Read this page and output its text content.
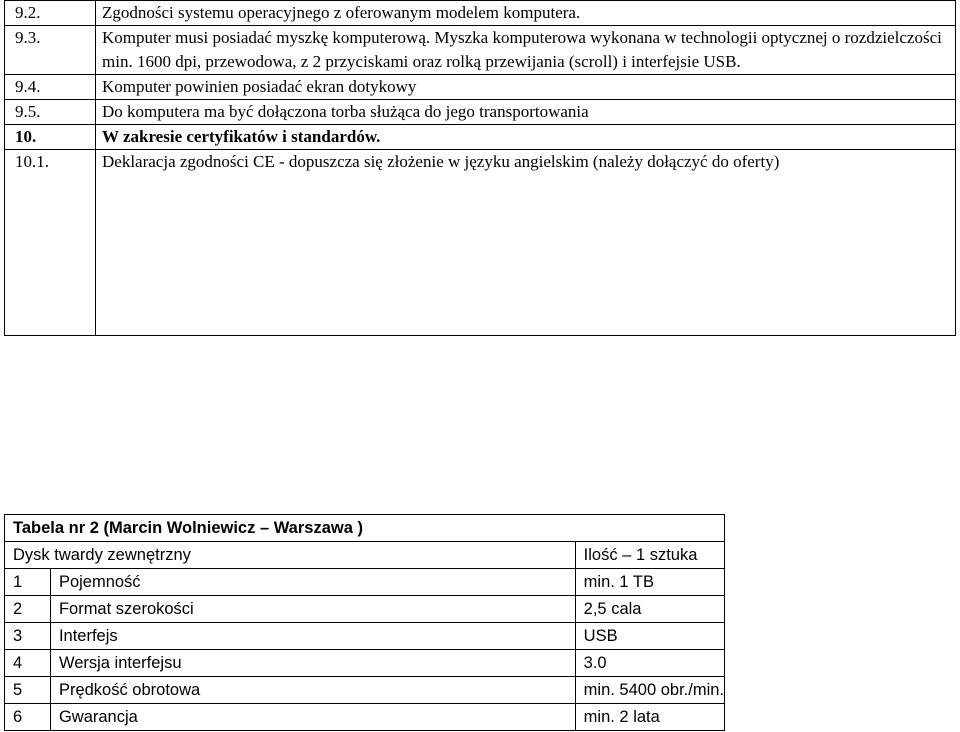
9.2.	Zgodności systemu operacyjnego z oferowanym modelem komputera.
9.3.	Komputer musi posiadać myszkę komputerową. Myszka komputerowa wykonana w technologii optycznej o rozdzielczości min. 1600 dpi, przewodowa, z 2 przyciskami oraz rolką przewijania (scroll) i interfejsie USB.
9.4.	Komputer powinien posiadać ekran dotykowy
9.5.	Do komputera ma być dołączona torba służąca do jego transportowania
10.	W zakresie certyfikatów i standardów.
10.1.	Deklaracja zgodności CE - dopuszcza się złożenie w języku angielskim (należy dołączyć do oferty)
Tabela nr 2 (Marcin Wolniewicz – Warszawa )		
Dysk twardy zewnętrzny		Ilość – 1 sztuka
1	Pojemność	min. 1 TB
2	Format szerokości	2,5 cala
3	Interfejs	USB
4	Wersja interfejsu	3.0
5	Prędkość obrotowa	min. 5400 obr./min.
6	Gwarancja	min. 2 lata
